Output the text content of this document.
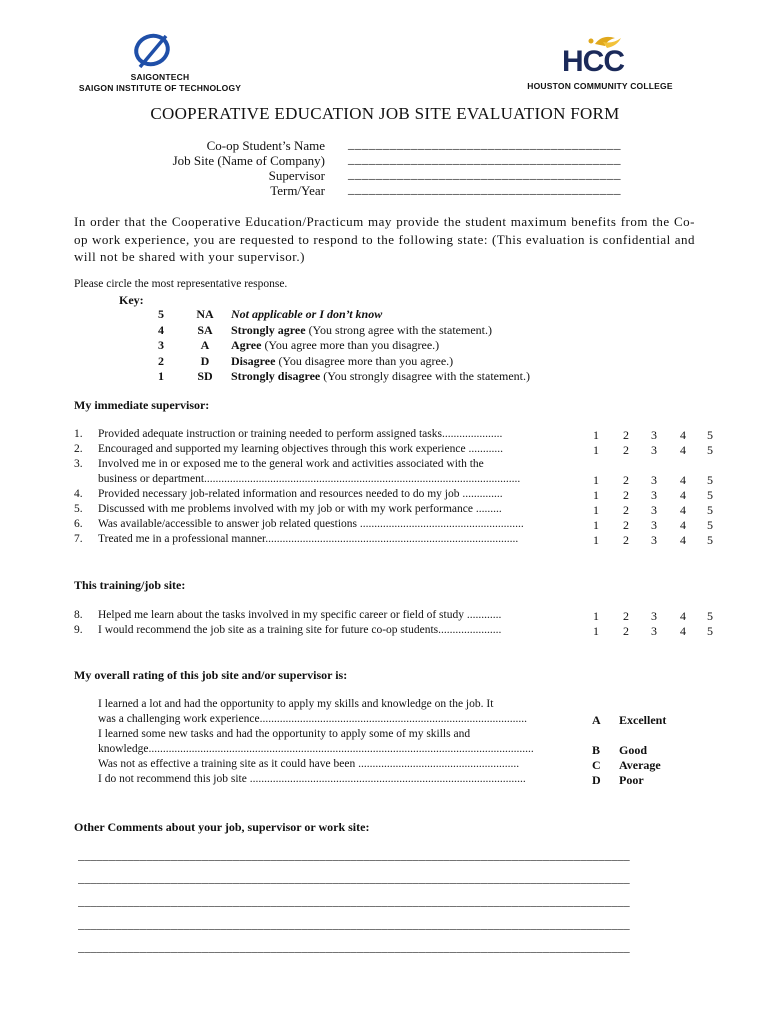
SAIGONTECH
SAIGON INSTITUTE OF TECHNOLOGY
HCC
HOUSTON COMMUNITY COLLEGE
COOPERATIVE EDUCATION JOB SITE EVALUATION FORM
Co-op Student’s Name _______________________________________
Job Site (Name of Company) _______________________________________
Supervisor _______________________________________
Term/Year _______________________________________
In order that the Cooperative Education/Practicum may provide the student maximum benefits from the Co-op work experience, you are requested to respond to the following state: (This evaluation is confidential and will not be shared with your supervisor.)
Please circle the most representative response.
Key:
5	NA	Not applicable or I don’t know
4	SA	Strongly agree (You strong agree with the statement.)
3	A	Agree (You agree more than you disagree.)
2	D	Disagree (You disagree more than you agree.)
1	SD	Strongly disagree (You strongly disagree with the statement.)
My immediate supervisor:
1. Provided adequate instruction or training needed to perform assigned tasks.....................	1	2	3	4	5
2. Encouraged and supported my learning objectives through this work experience ............	1	2	3	4	5
3. Involved me in or exposed me to the general work and activities associated with the
business or department..............................................................................................................	1	2	3	4	5
4. Provided necessary job-related information and resources needed to do my job ..............	1	2	3	4	5
5. Discussed with me problems involved with my job or with my work performance .........	1	2	3	4	5
6. Was available/accessible to answer job related questions .........................................................	1	2	3	4	5
7. Treated me in a professional manner........................................................................................	1	2	3	4	5
This training/job site:
8. Helped me learn about the tasks involved in my specific career or field of study ............	1	2	3	4	5
9. I would recommend the job site as a training site for future co-op students......................	1	2	3	4	5
My overall rating of this job site and/or supervisor is:
I learned a lot and had the opportunity to apply my skills and knowledge on the job. It
was a challenging work experience.............................................................................................	A Excellent
I learned some new tasks and had the opportunity to apply some of my skills and
knowledge......................................................................................................................................	B Good
Was not as effective a training site as it could have been ........................................................	C Average
I do not recommend this job site ................................................................................................	D Poor
Other Comments about your job, supervisor or work site:
_________________________________________________________________________________________
_________________________________________________________________________________________
_________________________________________________________________________________________
_________________________________________________________________________________________
_________________________________________________________________________________________
